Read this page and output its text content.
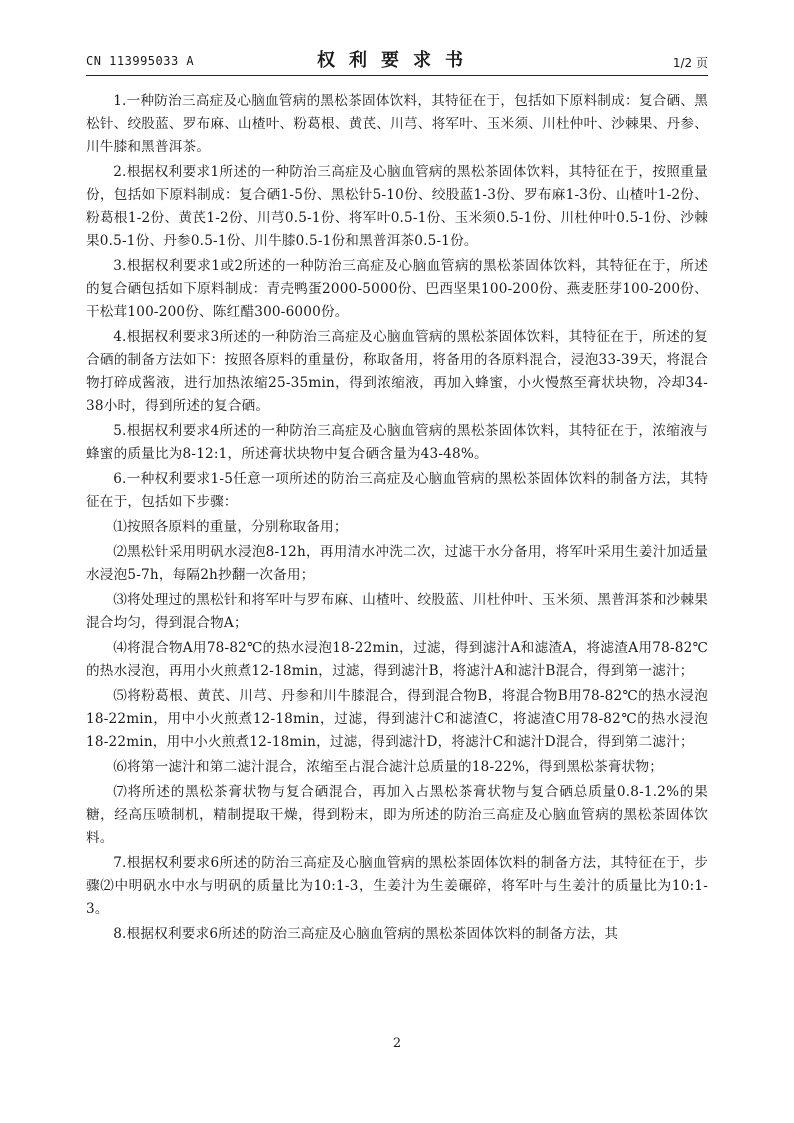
CN 113995033 A	权利要求书	1/2 页

1.一种防治三高症及心脑血管病的黑松茶固体饮料，其特征在于，包括如下原料制成：复合硒、黑松针、绞股蓝、罗布麻、山楂叶、粉葛根、黄芪、川芎、将军叶、玉米须、川杜仲叶、沙棘果、丹参、川牛膝和黑普洱茶。

2.根据权利要求1所述的一种防治三高症及心脑血管病的黑松茶固体饮料，其特征在于，按照重量份，包括如下原料制成：复合硒1-5份、黑松针5-10份、绞股蓝1-3份、罗布麻1-3份、山楂叶1-2份、粉葛根1-2份、黄芪1-2份、川芎0.5-1份、将军叶0.5-1份、玉米须0.5-1份、川杜仲叶0.5-1份、沙棘果0.5-1份、丹参0.5-1份、川牛膝0.5-1份和黑普洱茶0.5-1份。

3.根据权利要求1或2所述的一种防治三高症及心脑血管病的黑松茶固体饮料，其特征在于，所述的复合硒包括如下原料制成：青壳鸭蛋2000-5000份、巴西坚果100-200份、燕麦胚芽100-200份、干松茸100-200份、陈红醋300-6000份。

4.根据权利要求3所述的一种防治三高症及心脑血管病的黑松茶固体饮料，其特征在于，所述的复合硒的制备方法如下：按照各原料的重量份，称取备用，将备用的各原料混合，浸泡33-39天，将混合物打碎成酱液，进行加热浓缩25-35min，得到浓缩液，再加入蜂蜜，小火慢熬至膏状块物，冷却34-38小时，得到所述的复合硒。

5.根据权利要求4所述的一种防治三高症及心脑血管病的黑松茶固体饮料，其特征在于，浓缩液与蜂蜜的质量比为8-12:1，所述膏状块物中复合硒含量为43-48%。

6.一种权利要求1-5任意一项所述的防治三高症及心脑血管病的黑松茶固体饮料的制备方法，其特征在于，包括如下步骤：

⑴按照各原料的重量，分别称取备用；

⑵黑松针采用明矾水浸泡8-12h，再用清水冲洗二次，过滤干水分备用，将军叶采用生姜汁加适量水浸泡5-7h，每隔2h抄翻一次备用；

⑶将处理过的黑松针和将军叶与罗布麻、山楂叶、绞股蓝、川杜仲叶、玉米须、黑普洱茶和沙棘果混合均匀，得到混合物A；

⑷将混合物A用78-82℃的热水浸泡18-22min，过滤，得到滤汁A和滤渣A，将滤渣A用78-82℃的热水浸泡，再用小火煎煮12-18min，过滤，得到滤汁B，将滤汁A和滤汁B混合，得到第一滤汁；

⑸将粉葛根、黄芪、川芎、丹参和川牛膝混合，得到混合物B，将混合物B用78-82℃的热水浸泡18-22min，用中小火煎煮12-18min，过滤，得到滤汁C和滤渣C，将滤渣C用78-82℃的热水浸泡18-22min，用中小火煎煮12-18min，过滤，得到滤汁D，将滤汁C和滤汁D混合，得到第二滤汁；

⑹将第一滤汁和第二滤汁混合，浓缩至占混合滤汁总质量的18-22%，得到黑松茶膏状物；

⑺将所述的黑松茶膏状物与复合硒混合，再加入占黑松茶膏状物与复合硒总质量0.8-1.2%的果糖，经高压喷制机，精制提取干燥，得到粉末，即为所述的防治三高症及心脑血管病的黑松茶固体饮料。

7.根据权利要求6所述的防治三高症及心脑血管病的黑松茶固体饮料的制备方法，其特征在于，步骤⑵中明矾水中水与明矾的质量比为10:1-3，生姜汁为生姜碾碎，将军叶与生姜汁的质量比为10:1-3。

8.根据权利要求6所述的防治三高症及心脑血管病的黑松茶固体饮料的制备方法，其

2
